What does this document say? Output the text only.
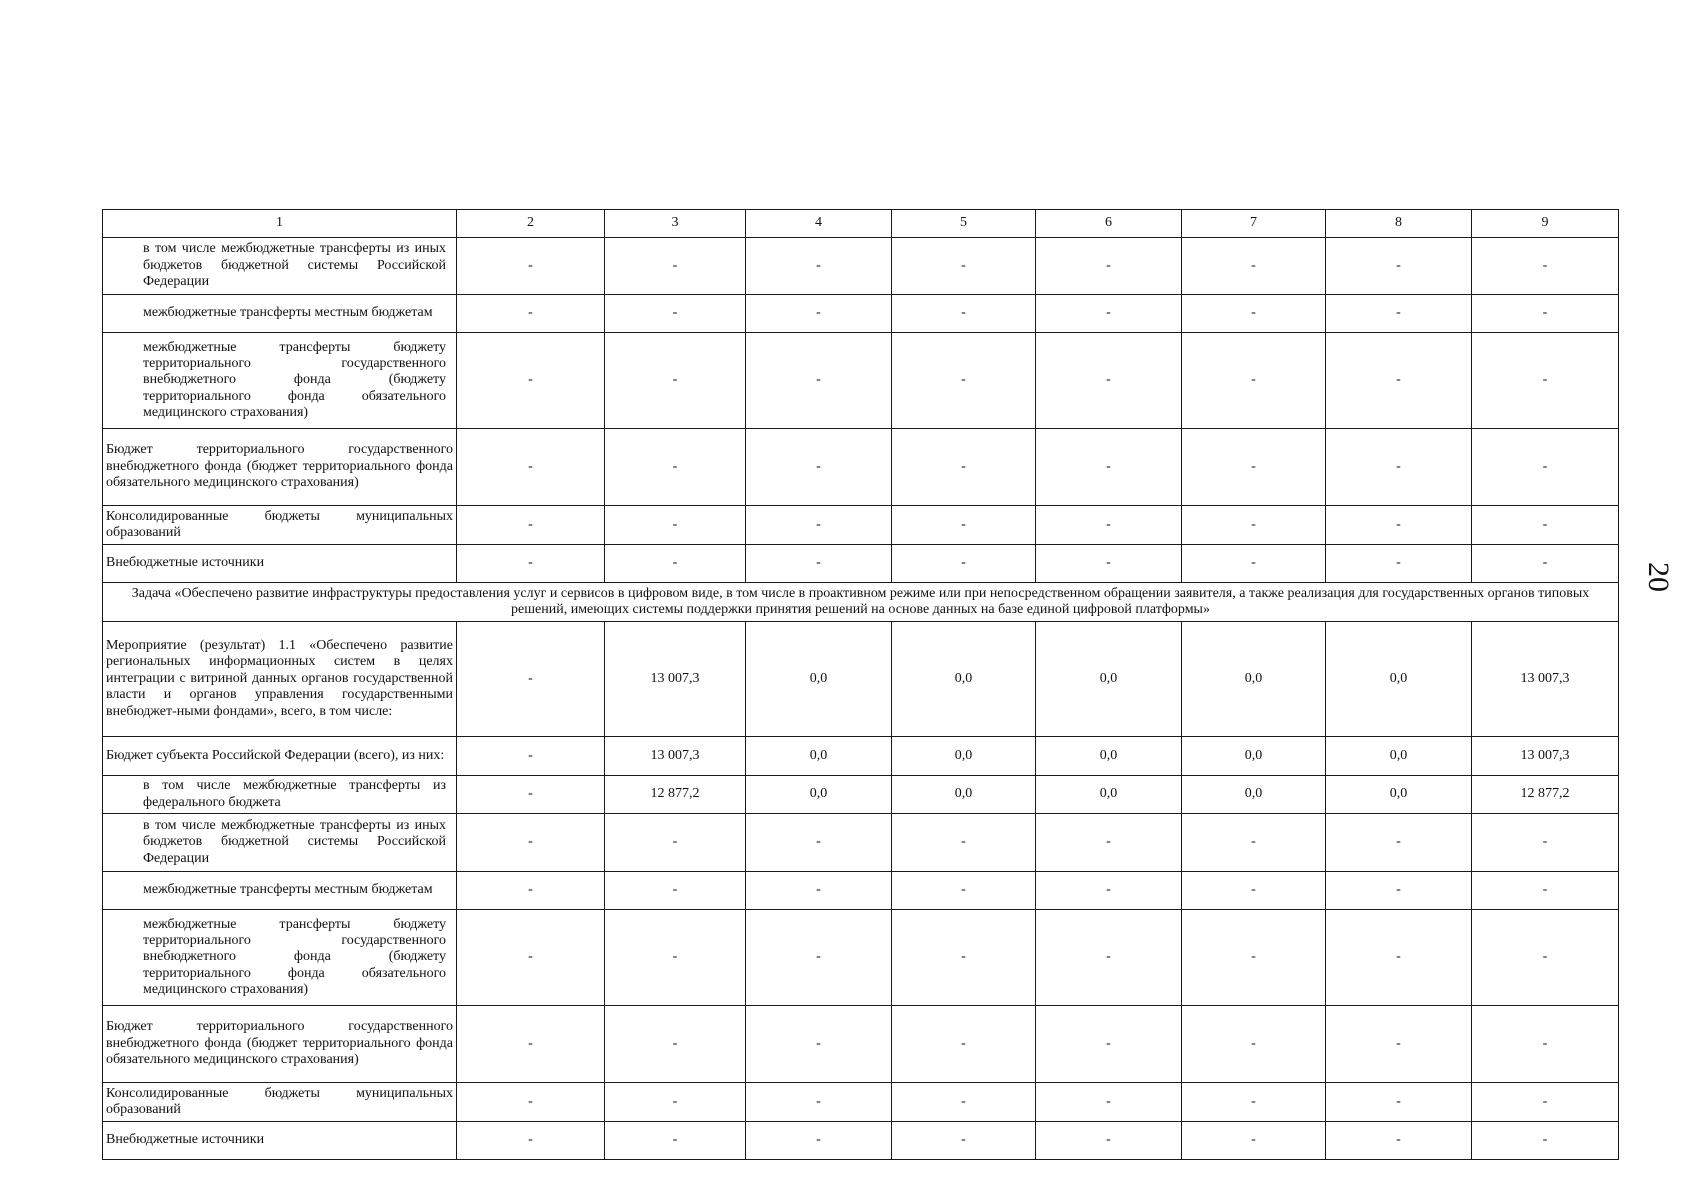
20
1	2	3	4	5	6	7	8	9
в том числе межбюджетные трансферты из иных бюджетов бюджетной системы Российской Федерации	-	-	-	-	-	-	-	-
межбюджетные трансферты местным бюджетам	-	-	-	-	-	-	-	-
межбюджетные трансферты бюджету территориального государственного внебюджетного фонда (бюджету территориального фонда обязательного медицинского страхования)	-	-	-	-	-	-	-	-
Бюджет территориального государственного внебюджетного фонда (бюджет территориального фонда обязательного медицинского страхования)	-	-	-	-	-	-	-	-
Консолидированные бюджеты муниципальных образований	-	-	-	-	-	-	-	-
Внебюджетные источники	-	-	-	-	-	-	-	-
Задача «Обеспечено развитие инфраструктуры предоставления услуг и сервисов в цифровом виде, в том числе в проактивном режиме или при непосредственном обращении заявителя, а также реализация для государственных органов типовых решений, имеющих системы поддержки принятия решений на основе данных на базе единой цифровой платформы»								
Мероприятие (результат) 1.1 «Обеспечено развитие региональных информационных систем в целях интеграции с витриной данных органов государственной власти и органов управления государственными внебюджет-ными фондами», всего, в том числе:	-	13 007,3	0,0	0,0	0,0	0,0	0,0	13 007,3
Бюджет субъекта Российской Федерации (всего), из них:	-	13 007,3	0,0	0,0	0,0	0,0	0,0	13 007,3
в том числе межбюджетные трансферты из федерального бюджета	-	12 877,2	0,0	0,0	0,0	0,0	0,0	12 877,2
в том числе межбюджетные трансферты из иных бюджетов бюджетной системы Российской Федерации	-	-	-	-	-	-	-	-
межбюджетные трансферты местным бюджетам	-	-	-	-	-	-	-	-
межбюджетные трансферты бюджету территориального государственного внебюджетного фонда (бюджету территориального фонда обязательного медицинского страхования)	-	-	-	-	-	-	-	-
Бюджет территориального государственного внебюджетного фонда (бюджет территориального фонда обязательного медицинского страхования)	-	-	-	-	-	-	-	-
Консолидированные бюджеты муниципальных образований	-	-	-	-	-	-	-	-
Внебюджетные источники	-	-	-	-	-	-	-	-
